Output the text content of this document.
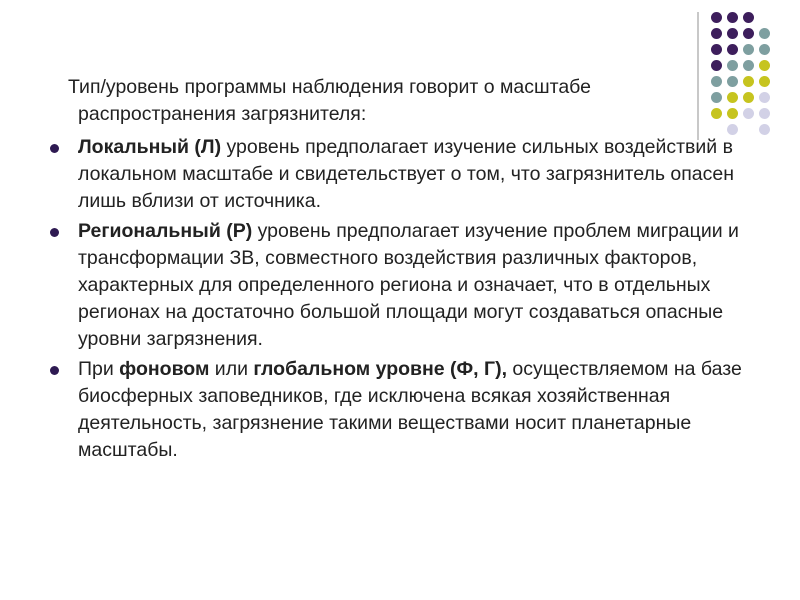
Тип/уровень программы наблюдения говорит о масштабе распространения загрязнителя:

Локальный (Л) уровень предполагает изучение сильных воздействий в локальном масштабе и свидетельствует о том, что загрязнитель опасен лишь вблизи от источника.
Региональный (Р) уровень предполагает изучение проблем миграции и трансформации ЗВ, совместного воздействия различных факторов, характерных для определенного региона и означает, что в отдельных регионах на достаточно большой площади могут создаваться опасные уровни загрязнения.
При фоновом или глобальном уровне (Ф, Г), осуществляемом на базе биосферных заповедников, где исключена всякая хозяйственная деятельность, загрязнение такими веществами носит планетарные масштабы.
